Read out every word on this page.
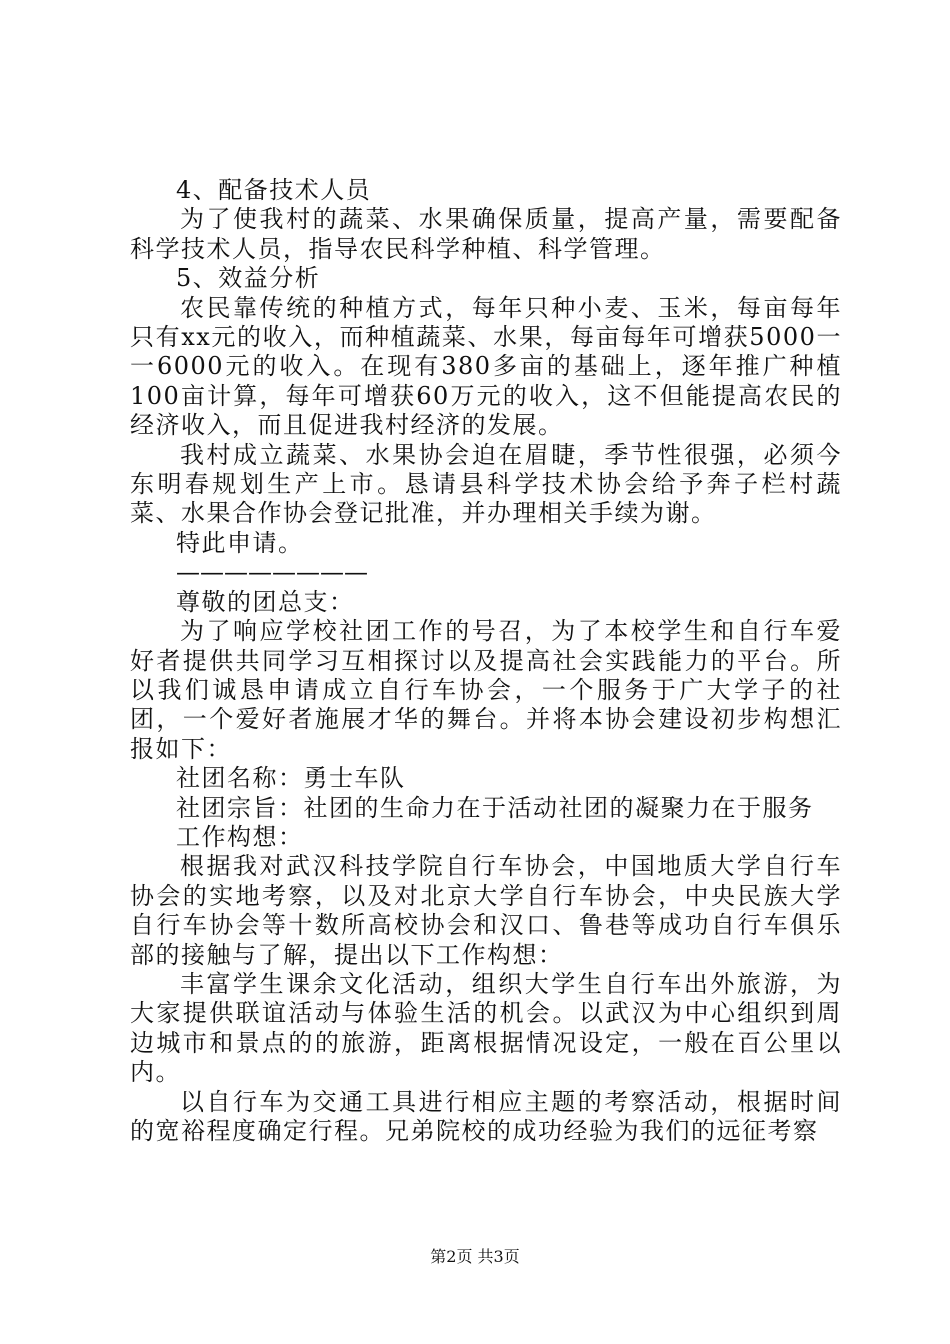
4、配备技术人员

为了使我村的蔬菜、水果确保质量，提高产量，需要配备科学技术人员，指导农民科学种植、科学管理。

5、效益分析

农民靠传统的种植方式，每年只种小麦、玉米，每亩每年只有xx元的收入，而种植蔬菜、水果，每亩每年可增获5000一一6000元的收入。在现有380多亩的基础上，逐年推广种植100亩计算，每年可增获60万元的收入，这不但能提高农民的经济收入，而且促进我村经济的发展。

我村成立蔬菜、水果协会迫在眉睫，季节性很强，必须今东明春规划生产上市。恳请县科学技术协会给予奔子栏村蔬菜、水果合作协会登记批准，并办理相关手续为谢。

特此申请。

————————

尊敬的团总支：

为了响应学校社团工作的号召，为了本校学生和自行车爱好者提供共同学习互相探讨以及提高社会实践能力的平台。所以我们诚恳申请成立自行车协会，一个服务于广大学子的社团，一个爱好者施展才华的舞台。并将本协会建设初步构想汇报如下：

社团名称：勇士车队

社团宗旨：社团的生命力在于活动社团的凝聚力在于服务

工作构想：

根据我对武汉科技学院自行车协会，中国地质大学自行车协会的实地考察，以及对北京大学自行车协会，中央民族大学自行车协会等十数所高校协会和汉口、鲁巷等成功自行车俱乐部的接触与了解，提出以下工作构想：

丰富学生课余文化活动，组织大学生自行车出外旅游，为大家提供联谊活动与体验生活的机会。以武汉为中心组织到周边城市和景点的的旅游，距离根据情况设定，一般在百公里以内。

以自行车为交通工具进行相应主题的考察活动，根据时间的宽裕程度确定行程。兄弟院校的成功经验为我们的远征考察

第2页 共3页
